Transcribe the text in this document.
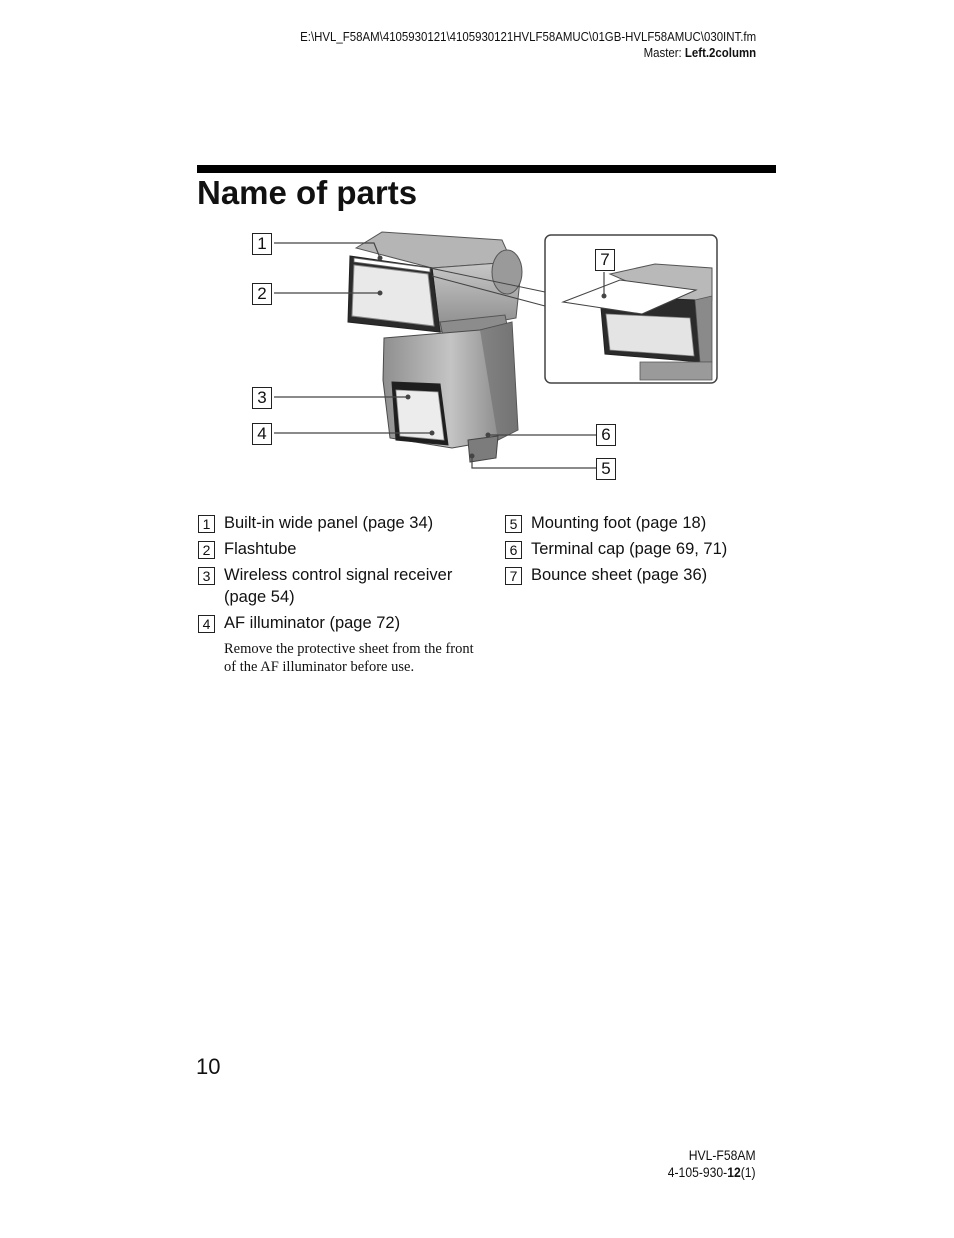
E:\HVL_F58AM\4105930121\4105930121HVLF58AMUC\01GB-HVLF58AMUC\030INT.fm
Master: Left.2column
Name of parts
1
2
3
4
5
6
7
1 Built-in wide panel (page 34)
2 Flashtube
3 Wireless control signal receiver (page 54)
4 AF illuminator (page 72)
Remove the protective sheet from the front of the AF illuminator before use.
5 Mounting foot (page 18)
6 Terminal cap (page 69, 71)
7 Bounce sheet (page 36)
10
HVL-F58AM
4-105-930-12(1)
